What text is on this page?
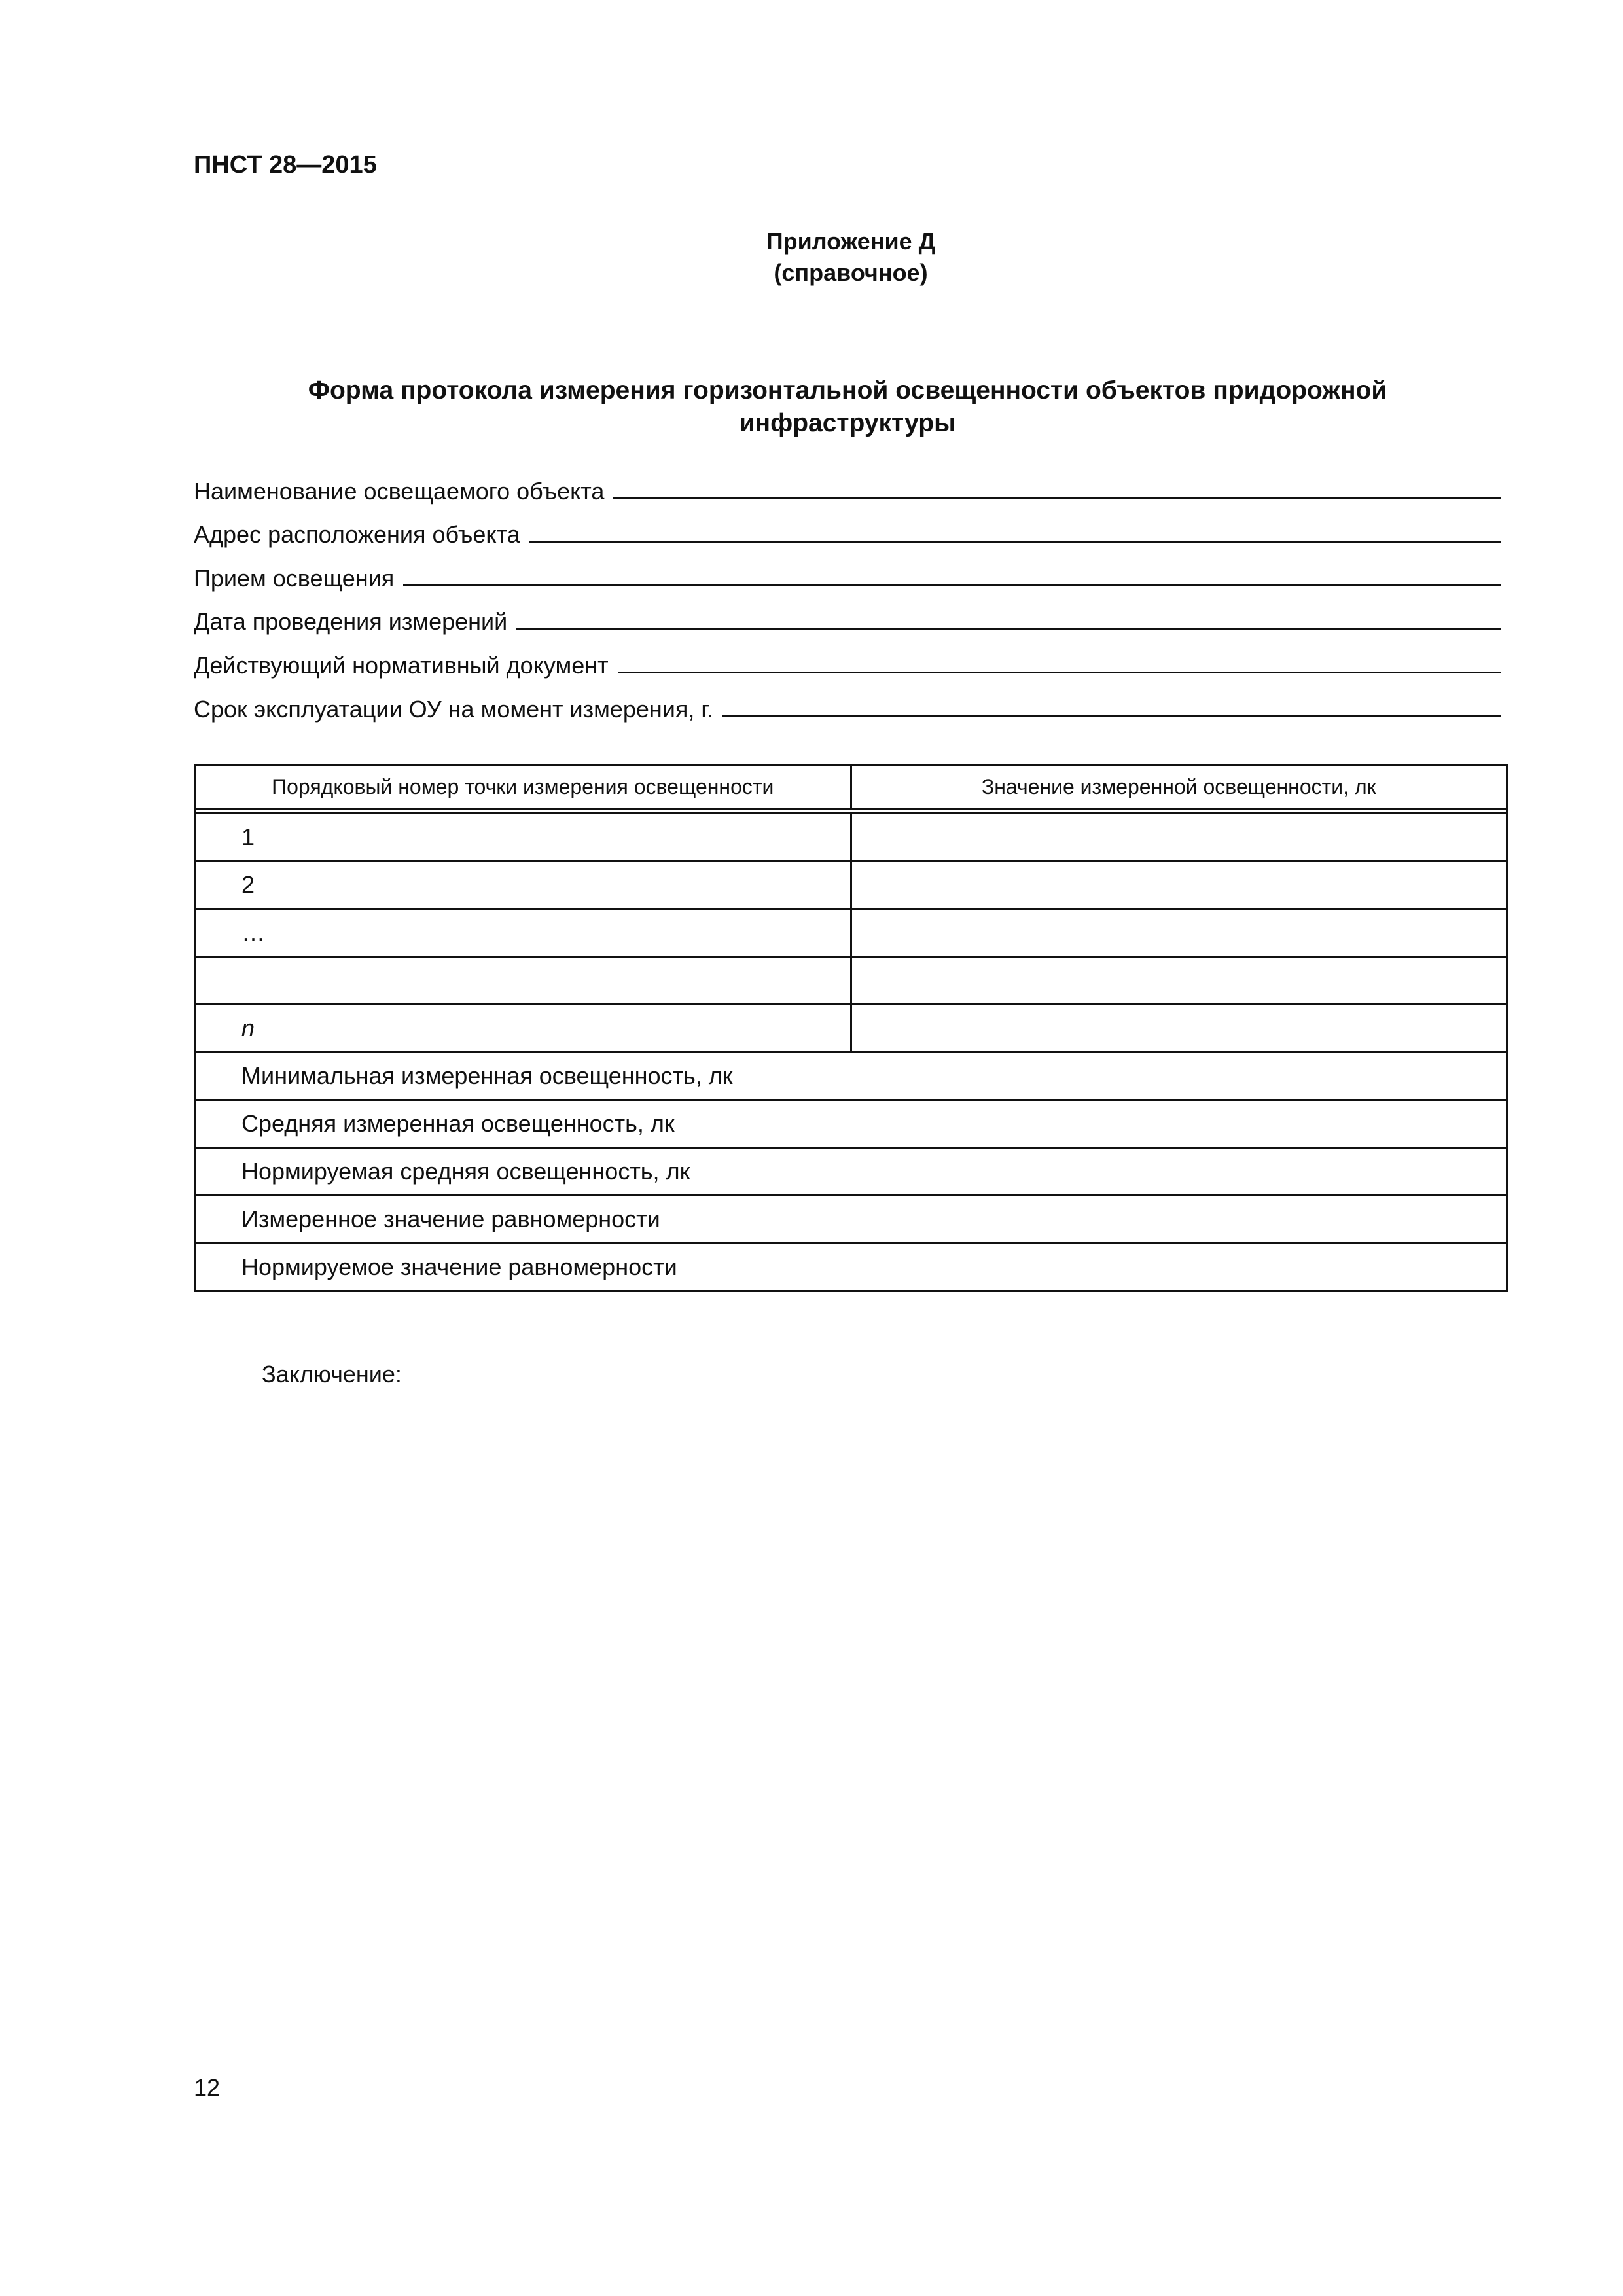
ПНСТ 28—2015
Приложение Д
(справочное)
Форма протокола измерения горизонтальной освещенности объектов придорожной
инфраструктуры
Наименование освещаемого объекта
Адрес расположения объекта
Прием освещения
Дата проведения измерений
Действующий нормативный документ
Срок эксплуатации ОУ на момент измерения, г.
Порядковый номер точки измерения освещенности	Значение измеренной освещенности, лк

1	
2	
…	

n	
Минимальная измеренная освещенность, лк	
Средняя измеренная освещенность, лк	
Нормируемая средняя освещенность, лк	
Измеренное значение равномерности	
Нормируемое значение равномерности	
Заключение:
12
